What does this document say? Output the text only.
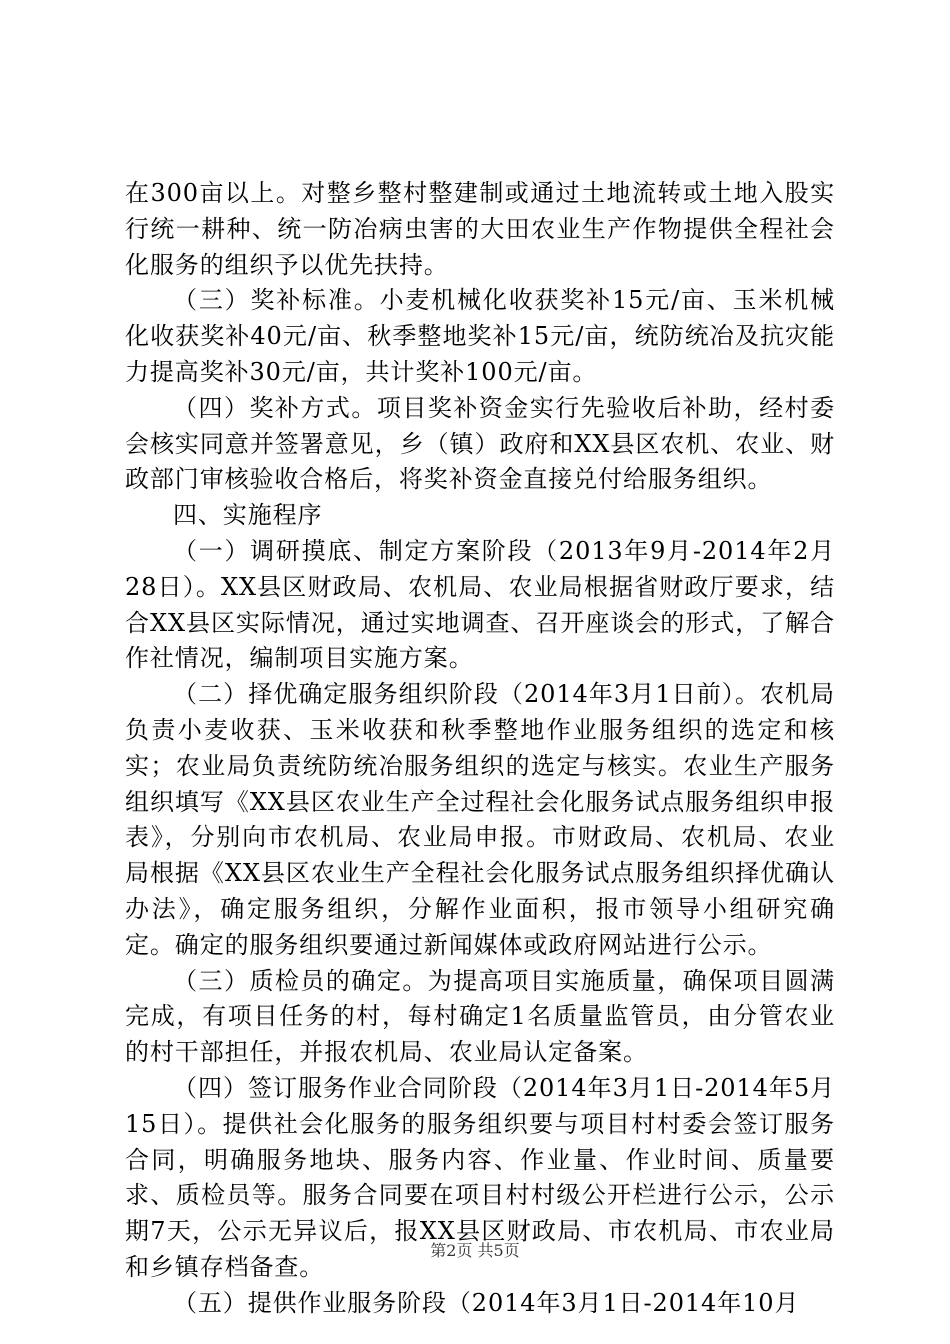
在300亩以上。对整乡整村整建制或通过土地流转或土地入股实行统一耕种、统一防冶病虫害的大田农业生产作物提供全程社会化服务的组织予以优先扶持。

（三）奖补标准。小麦机械化收获奖补15元/亩、玉米机械化收获奖补40元/亩、秋季整地奖补15元/亩，统防统冶及抗灾能力提高奖补30元/亩，共计奖补100元/亩。

（四）奖补方式。项目奖补资金实行先验收后补助，经村委会核实同意并签署意见，乡（镇）政府和XX县区农机、农业、财政部门审核验收合格后，将奖补资金直接兑付给服务组织。

四、实施程序

（一）调研摸底、制定方案阶段（2013年9月-2014年2月28日）。XX县区财政局、农机局、农业局根据省财政厅要求，结合XX县区实际情况，通过实地调查、召开座谈会的形式，了解合作社情况，编制项目实施方案。

（二）择优确定服务组织阶段（2014年3月1日前）。农机局负责小麦收获、玉米收获和秋季整地作业服务组织的选定和核实；农业局负责统防统冶服务组织的选定与核实。农业生产服务组织填写《XX县区农业生产全过程社会化服务试点服务组织申报表》，分别向市农机局、农业局申报。市财政局、农机局、农业局根据《XX县区农业生产全程社会化服务试点服务组织择优确认办法》，确定服务组织，分解作业面积，报市领导小组研究确定。确定的服务组织要通过新闻媒体或政府网站进行公示。

（三）质检员的确定。为提高项目实施质量，确保项目圆满完成，有项目任务的村，每村确定1名质量监管员，由分管农业的村干部担任，并报农机局、农业局认定备案。

（四）签订服务作业合同阶段（2014年3月1日-2014年5月15日）。提供社会化服务的服务组织要与项目村村委会签订服务合同，明确服务地块、服务内容、作业量、作业时间、质量要求、质检员等。服务合同要在项目村村级公开栏进行公示，公示期7天，公示无异议后，报XX县区财政局、市农机局、市农业局和乡镇存档备查。

（五）提供作业服务阶段（2014年3月1日-2014年10月

第2页 共5页
